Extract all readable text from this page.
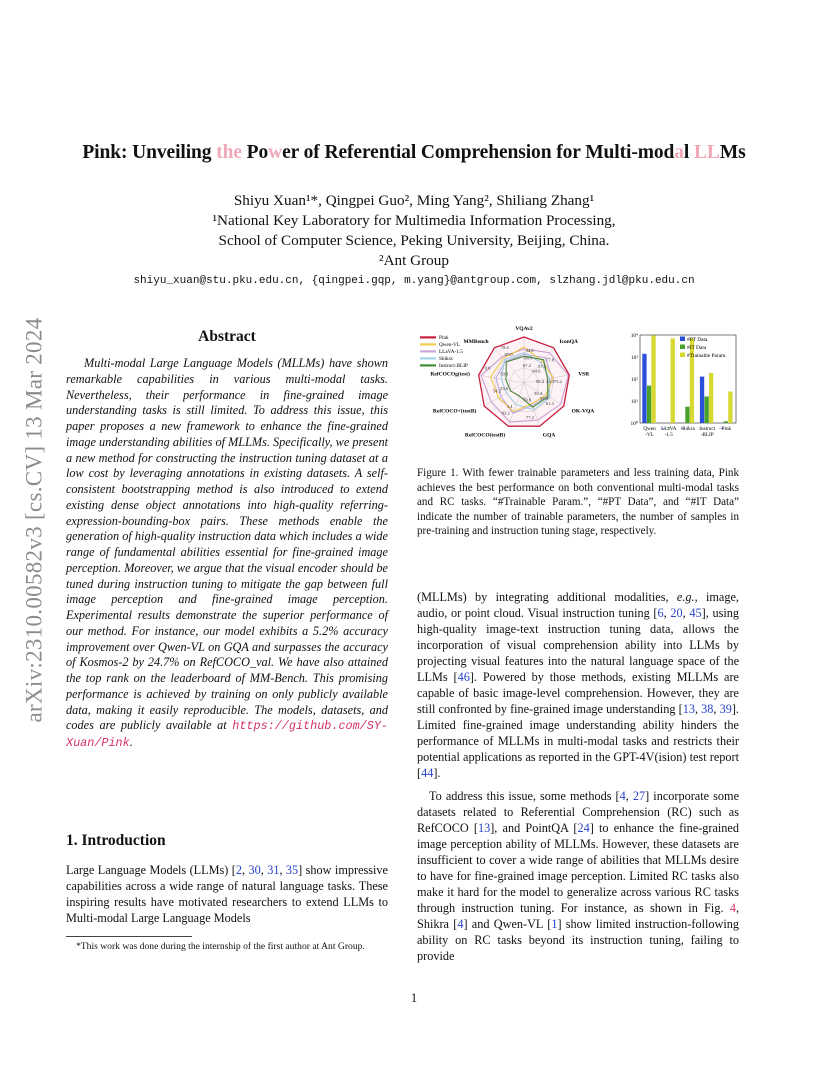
arXiv:2310.00582v3 [cs.CV] 13 Mar 2024
Pink: Unveiling the Power of Referential Comprehension for Multi-modal LLMs
Shiyu Xuan¹*, Qingpei Guo², Ming Yang², Shiliang Zhang¹
¹National Key Laboratory for Multimedia Information Processing,
School of Computer Science, Peking University, Beijing, China.
²Ant Group
shiyu_xuan@stu.pku.edu.cn, {qingpei.gqp, m.yang}@antgroup.com, slzhang.jdl@pku.edu.cn
Abstract

Multi-modal Large Language Models (MLLMs) have shown remarkable capabilities in various multi-modal tasks. Nevertheless, their performance in fine-grained image understanding tasks is still limited. To address this issue, this paper proposes a new framework to enhance the fine-grained image understanding abilities of MLLMs. Specifically, we present a new method for constructing the instruction tuning dataset at a low cost by leveraging annotations in existing datasets. A self-consistent bootstrapping method is also introduced to extend existing dense object annotations into high-quality referring-expression-bounding-box pairs. These methods enable the generation of high-quality instruction data which includes a wide range of fundamental abilities essential for fine-grained image perception. Moreover, we argue that the visual encoder should be tuned during instruction tuning to mitigate the gap between full image perception and fine-grained image perception. Experimental results demonstrate the superior performance of our method. For instance, our model exhibits a 5.2% accuracy improvement over Qwen-VL on GQA and surpasses the accuracy of Kosmos-2 by 24.7% on RefCOCO_val. We have also attained the top rank on the leaderboard of MM-Bench. This promising performance is achieved by training on only publicly available data, making it easily reproducible. The models, datasets, and codes are publicly available at https://github.com/SY-Xuan/Pink.

1. Introduction

Large Language Models (LLMs) [2, 30, 31, 35] show impressive capabilities across a wide range of natural language tasks. These inspiring results have motivated researchers to extend LLMs to Multi-modal Large Language Models

*This work was done during the internship of the first author at Ant Group.

VQAv2
IconQA
VSR
OK-VQA
GQA
RefCOCO(testB)
RefCOCO+(testB)
RefCOCOg(test)
MMBench
67.2
77.8
43.3
39.4
77.2
3.4
53.6
0.6
87.0
66.1
64.6
75.2
57.8
79.8
83.2
54.2
59.8
78.4
84.8
57.5
86.4
61.4
Pink
Qwen-VL
LLaVA-1.5
Shikra
Instruct-BLIP
10⁴
10³
10²
10¹
10⁰
Qwen
-VL
LLaVA
-1.5
Shikra Instruct
-BLIP
Pink
#PT Data
#IT Data
#Trainable Param.

Figure 1. With fewer trainable parameters and less training data, Pink achieves the best performance on both conventional multi-modal tasks and RC tasks. “#Trainable Param.”, “#PT Data”, and “#IT Data” indicate the number of trainable parameters, the number of samples in pre-training and instruction tuning stage, respectively.

(MLLMs) by integrating additional modalities, e.g., image, audio, or point cloud. Visual instruction tuning [6, 20, 45], using high-quality image-text instruction tuning data, allows the incorporation of visual comprehension ability into LLMs by projecting visual features into the natural language space of the LLMs [46]. Powered by those methods, existing MLLMs are capable of basic image-level comprehension. However, they are still confronted by fine-grained image understanding [13, 38, 39]. Limited fine-grained image understanding ability hinders the performance of MLLMs in multi-modal tasks and restricts their potential applications as reported in the GPT-4V(ision) test report [44].

To address this issue, some methods [4, 27] incorporate some datasets related to Referential Comprehension (RC) such as RefCOCO [13], and PointQA [24] to enhance the fine-grained image perception ability of MLLMs. However, these datasets are insufficient to cover a wide range of abilities that MLLMs desire to have for fine-grained image perception. Limited RC tasks also make it hard for the model to generalize across various RC tasks through instruction tuning. For instance, as shown in Fig. 4, Shikra [4] and Qwen-VL [1] show limited instruction-following ability on RC tasks beyond its instruction tuning, failing to provide

1
